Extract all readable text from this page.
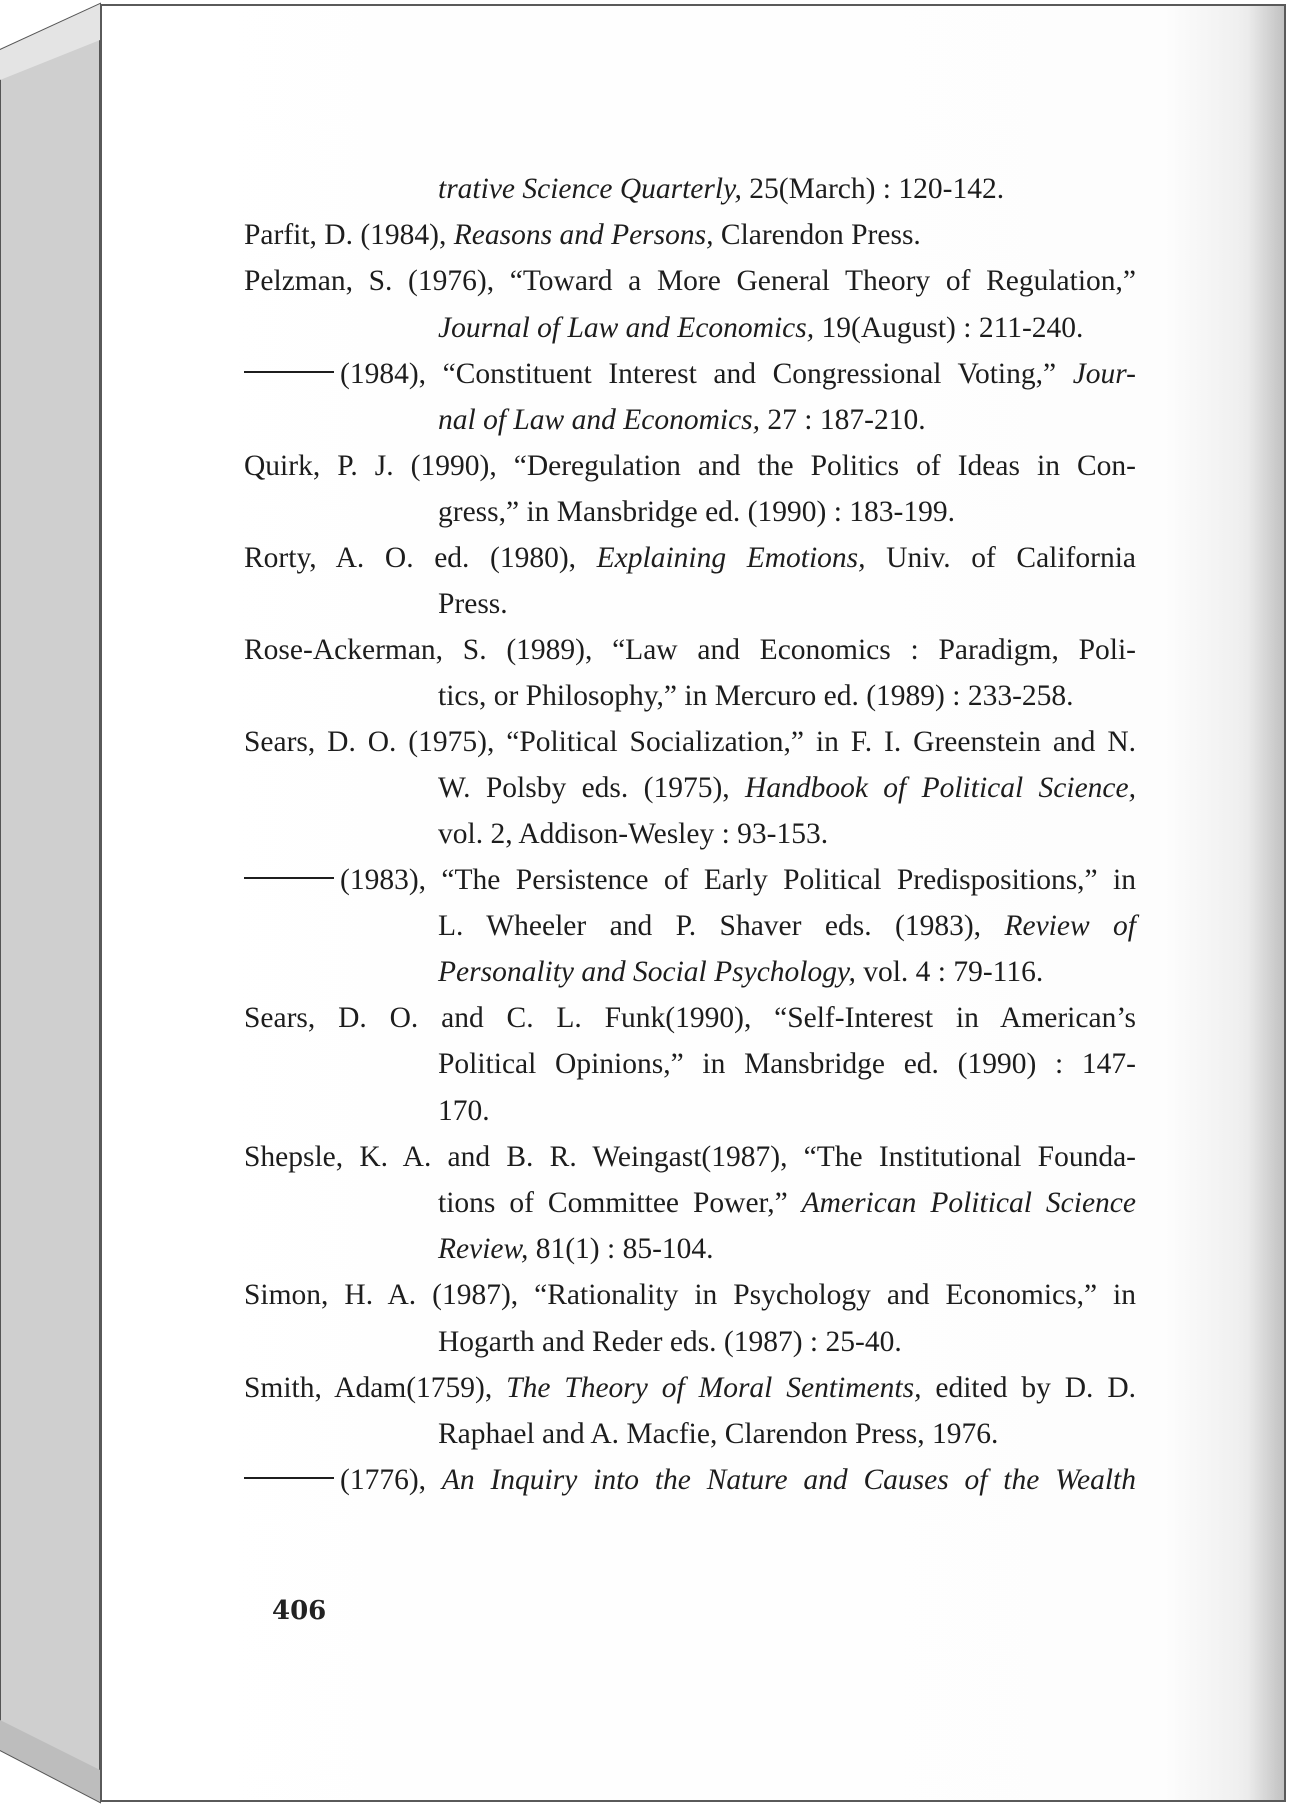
trative Science Quarterly, 25(March) : 120-142.
Parfit, D. (1984), Reasons and Persons, Clarendon Press.
Pelzman, S. (1976), “Toward a More General Theory of Regulation,”
Journal of Law and Economics, 19(August) : 211-240.
(1984), “Constituent Interest and Congressional Voting,” Jour-
nal of Law and Economics, 27 : 187-210.
Quirk, P. J. (1990), “Deregulation and the Politics of Ideas in Con-
gress,” in Mansbridge ed. (1990) : 183-199.
Rorty, A. O. ed. (1980), Explaining Emotions, Univ. of California
Press.
Rose-Ackerman, S. (1989), “Law and Economics : Paradigm, Poli-
tics, or Philosophy,” in Mercuro ed. (1989) : 233-258.
Sears, D. O. (1975), “Political Socialization,” in F. I. Greenstein and N.
W. Polsby eds. (1975), Handbook of Political Science,
vol. 2, Addison-Wesley : 93-153.
(1983), “The Persistence of Early Political Predispositions,” in
L. Wheeler and P. Shaver eds. (1983), Review of
Personality and Social Psychology, vol. 4 : 79-116.
Sears, D. O. and C. L. Funk(1990), “Self-Interest in American’s
Political Opinions,” in Mansbridge ed. (1990) : 147-
170.
Shepsle, K. A. and B. R. Weingast(1987), “The Institutional Founda-
tions of Committee Power,” American Political Science
Review, 81(1) : 85-104.
Simon, H. A. (1987), “Rationality in Psychology and Economics,” in
Hogarth and Reder eds. (1987) : 25-40.
Smith, Adam(1759), The Theory of Moral Sentiments, edited by D. D.
Raphael and A. Macfie, Clarendon Press, 1976.
(1776), An Inquiry into the Nature and Causes of the Wealth
406
